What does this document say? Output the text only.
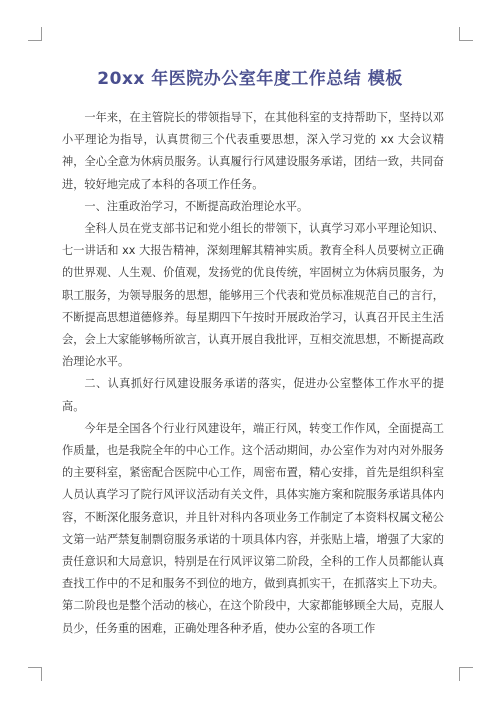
20xx 年医院办公室年度工作总结 模板

一年来，在主管院长的带领指导下，在其他科室的支持帮助下，坚持以邓小平理论为指导，认真贯彻三个代表重要思想，深入学习党的 xx 大会议精神，全心全意为休病员服务。认真履行行风建设服务承诺，团结一致，共同奋进，较好地完成了本科的各项工作任务。

一、注重政治学习，不断提高政治理论水平。

全科人员在党支部书记和党小组长的带领下，认真学习邓小平理论知识、七一讲话和 xx 大报告精神，深刻理解其精神实质。教育全科人员要树立正确的世界观、人生观、价值观，发扬党的优良传统，牢固树立为休病员服务，为职工服务，为领导服务的思想，能够用三个代表和党员标准规范自己的言行，不断提高思想道德修养。每星期四下午按时开展政治学习，认真召开民主生活会，会上大家能够畅所欲言，认真开展自我批评，互相交流思想，不断提高政治理论水平。

二、认真抓好行风建设服务承诺的落实，促进办公室整体工作水平的提高。

今年是全国各个行业行风建设年，端正行风，转变工作作风，全面提高工作质量，也是我院全年的中心工作。这个活动期间，办公室作为对内对外服务的主要科室，紧密配合医院中心工作，周密布置，精心安排，首先是组织科室人员认真学习了院行风评议活动有关文件，具体实施方案和院服务承诺具体内容，不断深化服务意识，并且针对科内各项业务工作制定了本资料权属文秘公文第一站严禁复制剽窃服务承诺的十项具体内容，并张贴上墙，增强了大家的责任意识和大局意识，特别是在行风评议第二阶段，全科的工作人员都能认真查找工作中的不足和服务不到位的地方，做到真抓实干，在抓落实上下功夫。第二阶段也是整个活动的核心，在这个阶段中，大家都能够顾全大局，克服人员少，任务重的困难，正确处理各种矛盾，使办公室的各项工作
